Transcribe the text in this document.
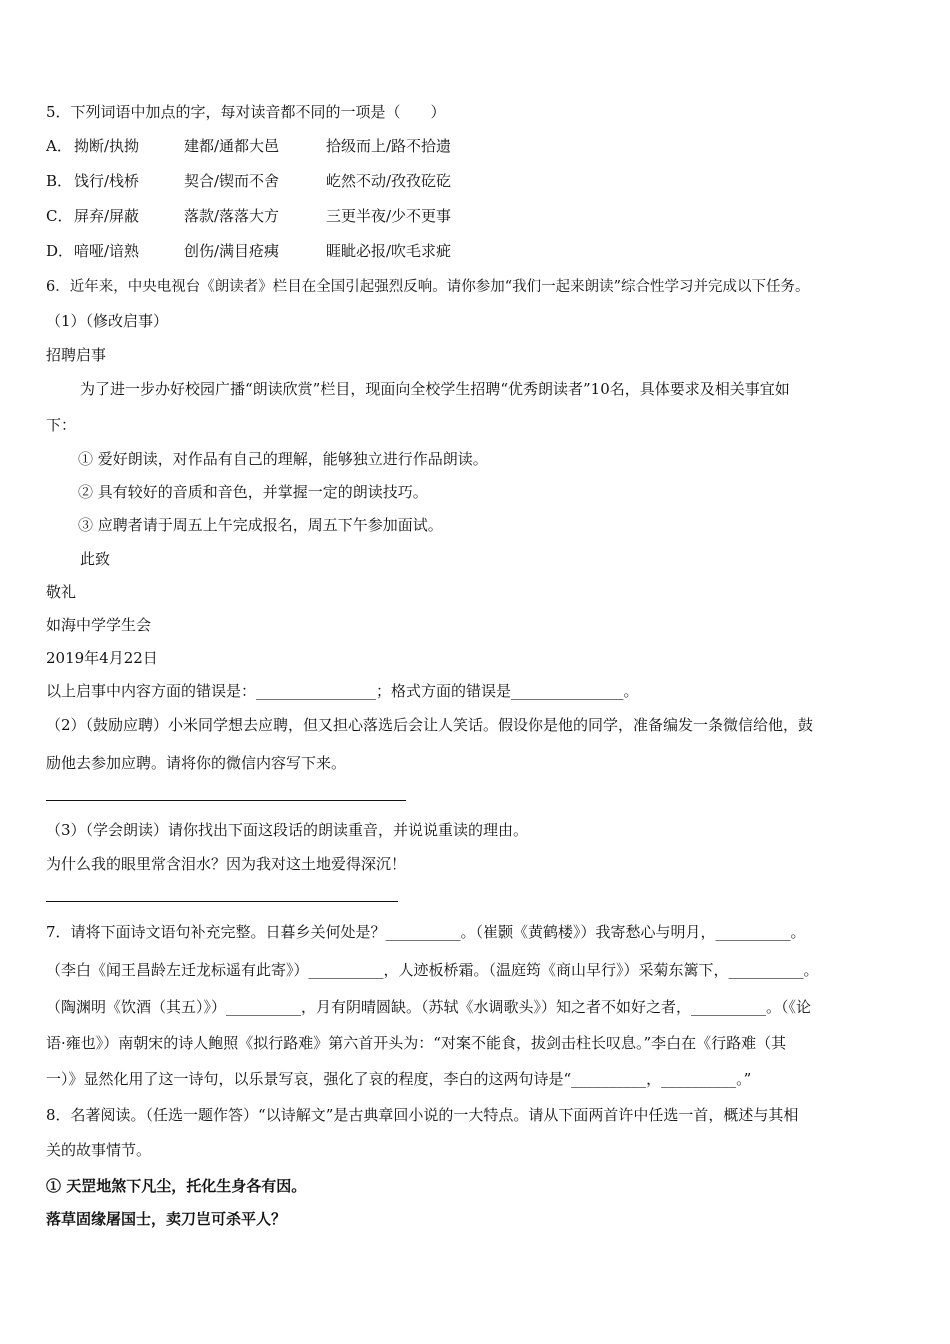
5．下列词语中加点的字，每对读音都不同的一项是（　　）
A． 拗断/执拗	建都/通都大邑	拾级而上/路不拾遗
B． 饯行/栈桥	契合/锲而不舍	屹然不动/孜孜矻矻
C． 屏弃/屏蔽	落款/落落大方	三更半夜/少不更事
D． 喑哑/谙熟	创伤/满目疮痍	睚眦必报/吹毛求疵
6．近年来，中央电视台《朗读者》栏目在全国引起强烈反响。请你参加“我们一起来朗读”综合性学习并完成以下任务。
（1）（修改启事）
招聘启事
为了进一步办好校园广播“朗读欣赏”栏目，现面向全校学生招聘“优秀朗读者”10名，具体要求及相关事宜如
下：
① 爱好朗读，对作品有自己的理解，能够独立进行作品朗读。
② 具有较好的音质和音色，并掌握一定的朗读技巧。
③ 应聘者请于周五上午完成报名，周五下午参加面试。
此致
敬礼
如海中学学生会
2019年4月22日
以上启事中内容方面的错误是：________________；格式方面的错误是_______________。
（2）（鼓励应聘）小米同学想去应聘，但又担心落选后会让人笑话。假设你是他的同学，准备编发一条微信给他，鼓
励他去参加应聘。请将你的微信内容写下来。
（3）（学会朗读）请你找出下面这段话的朗读重音，并说说重读的理由。
为什么我的眼里常含泪水？因为我对这土地爱得深沉！
7．请将下面诗文语句补充完整。日暮乡关何处是？__________。（崔颢《黄鹤楼》）我寄愁心与明月，__________。
（李白《闻王昌龄左迁龙标遥有此寄》）__________，人迹板桥霜。（温庭筠《商山早行》）采菊东篱下，__________。
（陶渊明《饮酒（其五）》）__________，月有阴晴圆缺。（苏轼《水调歌头》）知之者不如好之者，__________。（《论
语·雍也》）南朝宋的诗人鲍照《拟行路难》第六首开头为：“对案不能食，拔剑击柱长叹息。”李白在《行路难（其
一）》显然化用了这一诗句，以乐景写哀，强化了哀的程度，李白的这两句诗是“__________，__________。”
8．名著阅读。（任选一题作答）“以诗解文”是古典章回小说的一大特点。请从下面两首许中任选一首，概述与其相
关的故事情节。
① 天罡地煞下凡尘，托化生身各有因。
落草固缘屠国士，卖刀岂可杀平人？
